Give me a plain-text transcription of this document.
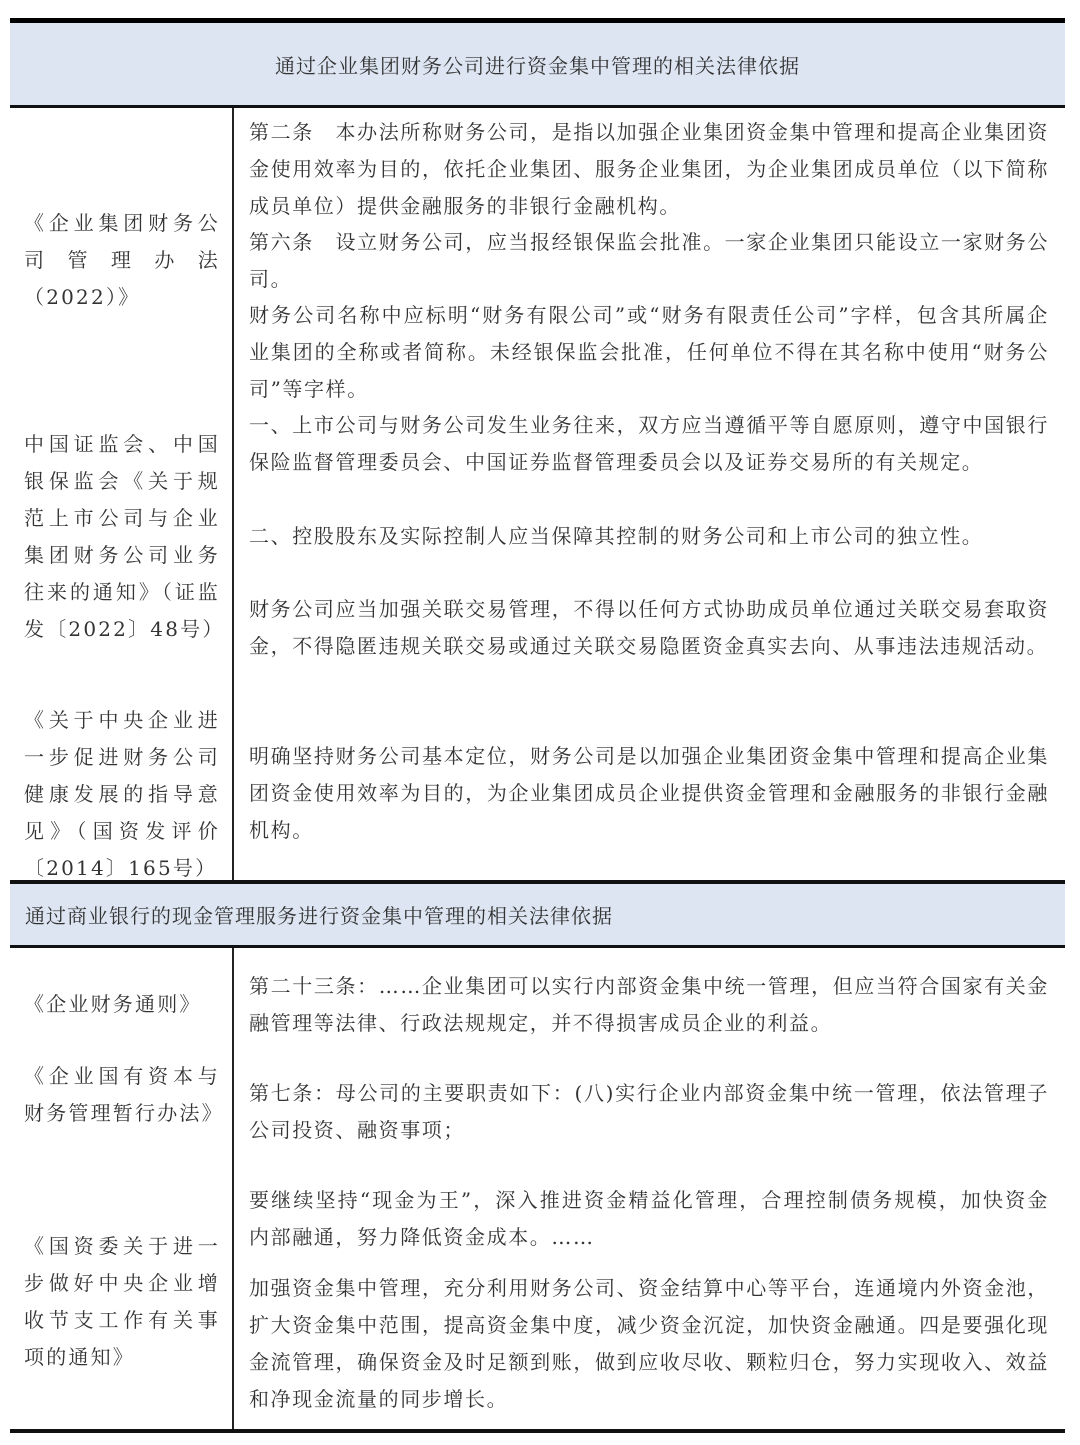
通过企业集团财务公司进行资金集中管理的相关法律依据
《企业集团财务公司管理办法（2022）》
中国证监会、中国银保监会《关于规范上市公司与企业集团财务公司业务往来的通知》（证监发〔2022〕48号）
《关于中央企业进一步促进财务公司健康发展的指导意见》（国资发评价〔2014〕165号）
第二条　本办法所称财务公司，是指以加强企业集团资金集中管理和提高企业集团资金使用效率为目的，依托企业集团、服务企业集团，为企业集团成员单位（以下简称成员单位）提供金融服务的非银行金融机构。
第六条　设立财务公司，应当报经银保监会批准。一家企业集团只能设立一家财务公司。
财务公司名称中应标明“财务有限公司”或“财务有限责任公司”字样，包含其所属企业集团的全称或者简称。未经银保监会批准，任何单位不得在其名称中使用“财务公司”等字样。
一、上市公司与财务公司发生业务往来，双方应当遵循平等自愿原则，遵守中国银行保险监督管理委员会、中国证券监督管理委员会以及证券交易所的有关规定。
二、控股股东及实际控制人应当保障其控制的财务公司和上市公司的独立性。
财务公司应当加强关联交易管理，不得以任何方式协助成员单位通过关联交易套取资金，不得隐匿违规关联交易或通过关联交易隐匿资金真实去向、从事违法违规活动。
明确坚持财务公司基本定位，财务公司是以加强企业集团资金集中管理和提高企业集团资金使用效率为目的，为企业集团成员企业提供资金管理和金融服务的非银行金融机构。
通过商业银行的现金管理服务进行资金集中管理的相关法律依据
《企业财务通则》
《企业国有资本与财务管理暂行办法》
《国资委关于进一步做好中央企业增收节支工作有关事项的通知》
第二十三条：……企业集团可以实行内部资金集中统一管理，但应当符合国家有关金融管理等法律、行政法规规定，并不得损害成员企业的利益。
第七条：母公司的主要职责如下：(八)实行企业内部资金集中统一管理，依法管理子公司投资、融资事项；
要继续坚持“现金为王”，深入推进资金精益化管理，合理控制债务规模，加快资金内部融通，努力降低资金成本。……
加强资金集中管理，充分利用财务公司、资金结算中心等平台，连通境内外资金池，扩大资金集中范围，提高资金集中度，减少资金沉淀，加快资金融通。四是要强化现金流管理，确保资金及时足额到账，做到应收尽收、颗粒归仓，努力实现收入、效益和净现金流量的同步增长。
